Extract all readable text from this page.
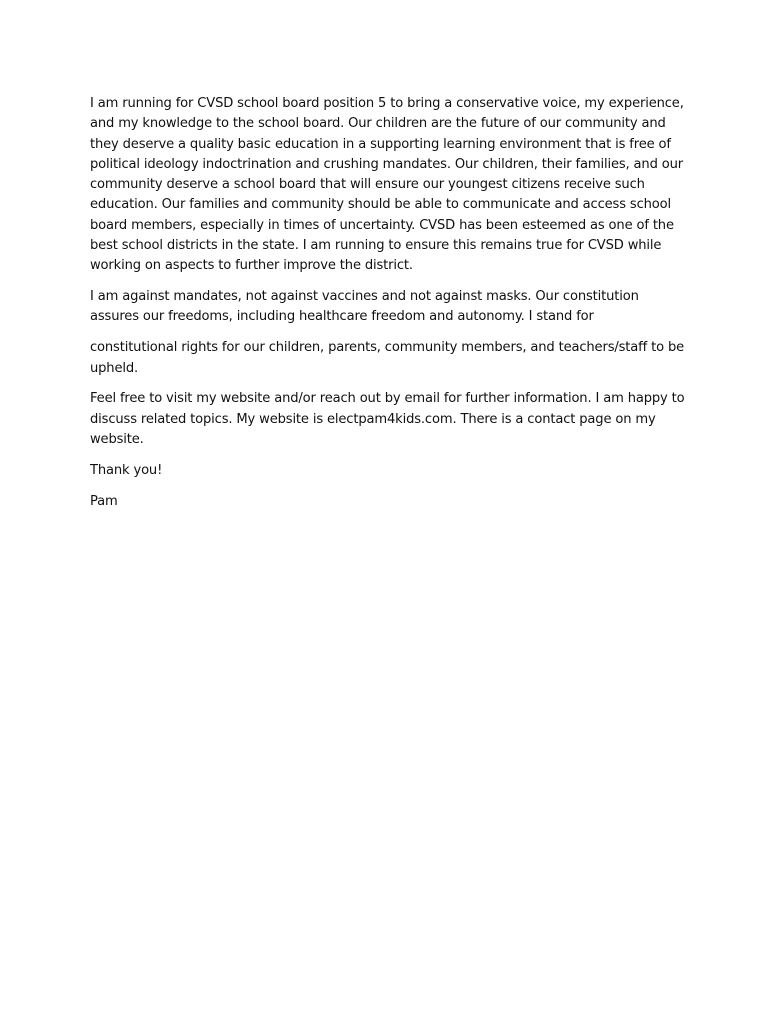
I am running for CVSD school board position 5 to bring a conservative voice, my experience, and my knowledge to the school board. Our children are the future of our community and they deserve a quality basic education in a supporting learning environment that is free of political ideology indoctrination and crushing mandates. Our children, their families, and our community deserve a school board that will ensure our youngest citizens receive such education. Our families and community should be able to communicate and access school board members, especially in times of uncertainty. CVSD has been esteemed as one of the best school districts in the state. I am running to ensure this remains true for CVSD while working on aspects to further improve the district.

I am against mandates, not against vaccines and not against masks. Our constitution assures our freedoms, including healthcare freedom and autonomy. I stand for

constitutional rights for our children, parents, community members, and teachers/staff to be upheld.

Feel free to visit my website and/or reach out by email for further information. I am happy to discuss related topics. My website is electpam4kids.com. There is a contact page on my website.

Thank you!

Pam
